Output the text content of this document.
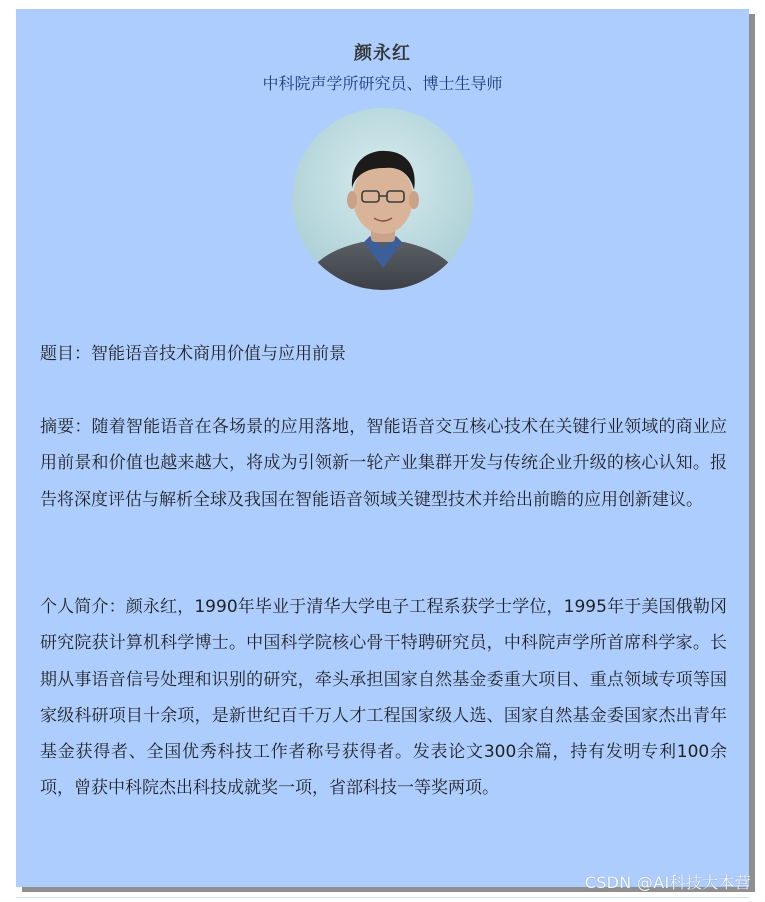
颜永红
中科院声学所研究员、博士生导师

题目：智能语音技术商用价值与应用前景

摘要：随着智能语音在各场景的应用落地，智能语音交互核心技术在关键行业领域的商业应用前景和价值也越来越大，将成为引领新一轮产业集群开发与传统企业升级的核心认知。报告将深度评估与解析全球及我国在智能语音领域关键型技术并给出前瞻的应用创新建议。

个人简介：颜永红，1990年毕业于清华大学电子工程系获学士学位，1995年于美国俄勒冈研究院获计算机科学博士。中国科学院核心骨干特聘研究员，中科院声学所首席科学家。长期从事语音信号处理和识别的研究，牵头承担国家自然基金委重大项目、重点领域专项等国家级科研项目十余项，是新世纪百千万人才工程国家级人选、国家自然基金委国家杰出青年基金获得者、全国优秀科技工作者称号获得者。发表论文300余篇，持有发明专利100余项，曾获中科院杰出科技成就奖一项，省部科技一等奖两项。

CSDN @AI科技大本营
